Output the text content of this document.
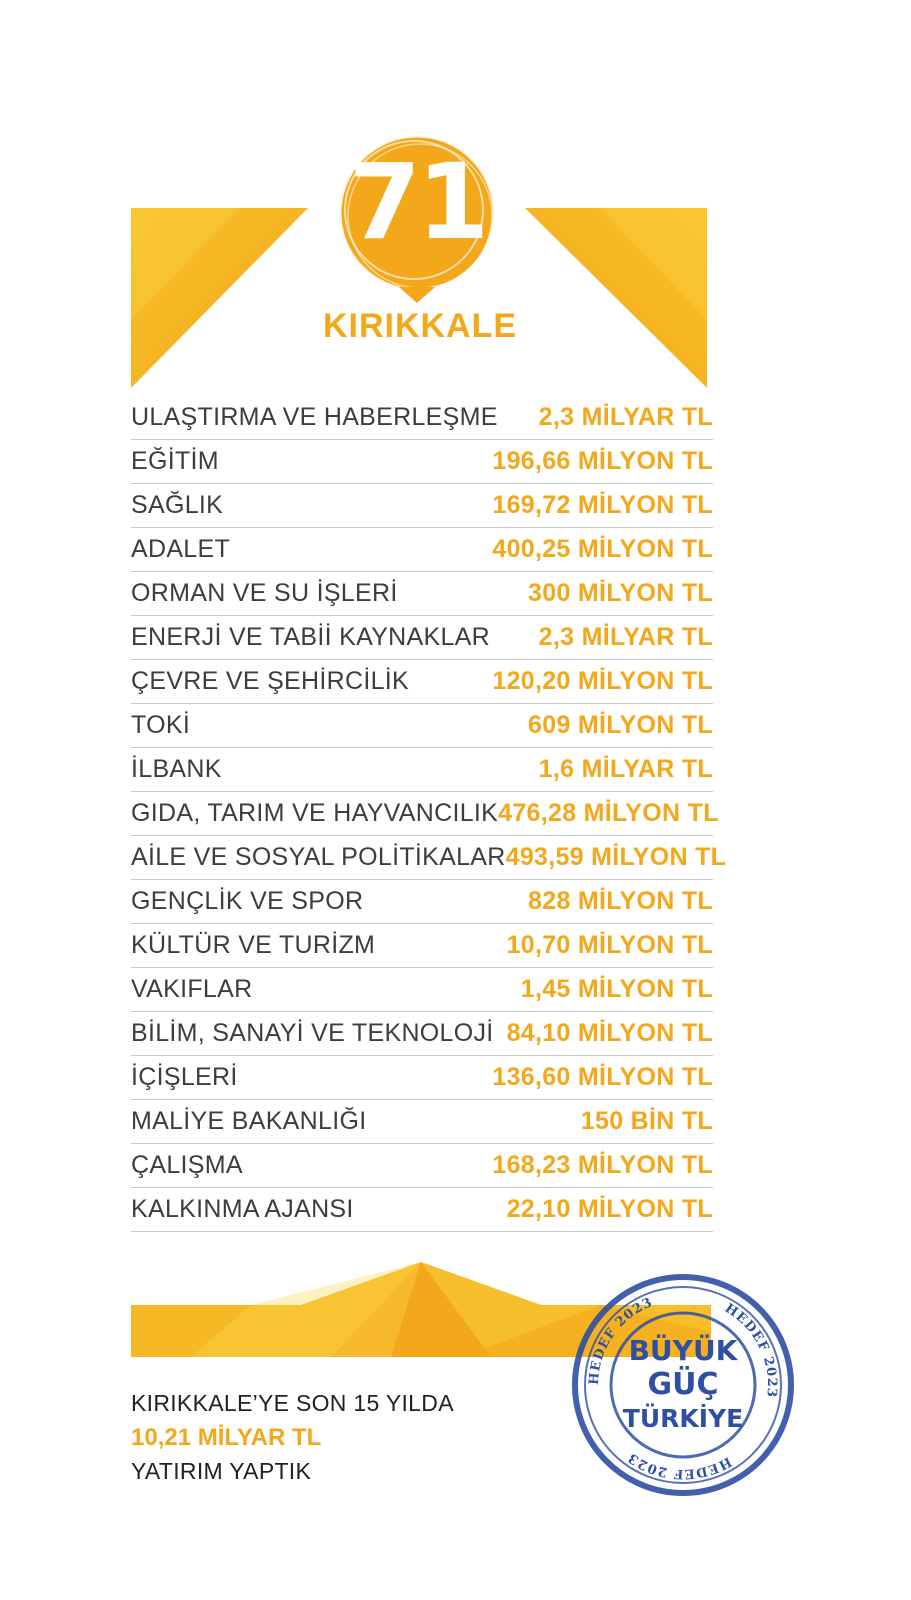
71
KIRIKKALE
ULAŞTIRMA VE HABERLEŞME 2,3 MİLYAR TL
EĞİTİM	196,66 MİLYON TL
SAĞLIK	169,72 MİLYON TL
ADALET	400,25 MİLYON TL
ORMAN VE SU İŞLERİ	300 MİLYON TL
ENERJİ VE TABİİ KAYNAKLAR 2,3 MİLYAR TL
ÇEVRE VE ŞEHİRCİLİK	120,20 MİLYON TL
TOKİ	609 MİLYON TL
İLBANK	1,6 MİLYAR TL
GIDA, TARIM VE HAYVANCILIK 476,28 MİLYON TL
AİLE VE SOSYAL POLİTİKALAR 493,59 MİLYON TL
GENÇLİK VE SPOR	828 MİLYON TL
KÜLTÜR VE TURİZM	10,70 MİLYON TL
VAKIFLAR	1,45 MİLYON TL
BİLİM, SANAYİ VE TEKNOLOJİ 84,10 MİLYON TL
İÇİŞLERİ	136,60 MİLYON TL
MALİYE BAKANLIĞI	150 BİN TL
ÇALIŞMA	168,23 MİLYON TL
KALKINMA AJANSI	22,10 MİLYON TL
KIRIKKALE’YE SON 15 YILDA
10,21 MİLYAR TL
YATIRIM YAPTIK
HEDEF 2023	HEDEF 2023
HEDEF 2023
BÜYÜK
GÜÇ
TÜRKİYE
